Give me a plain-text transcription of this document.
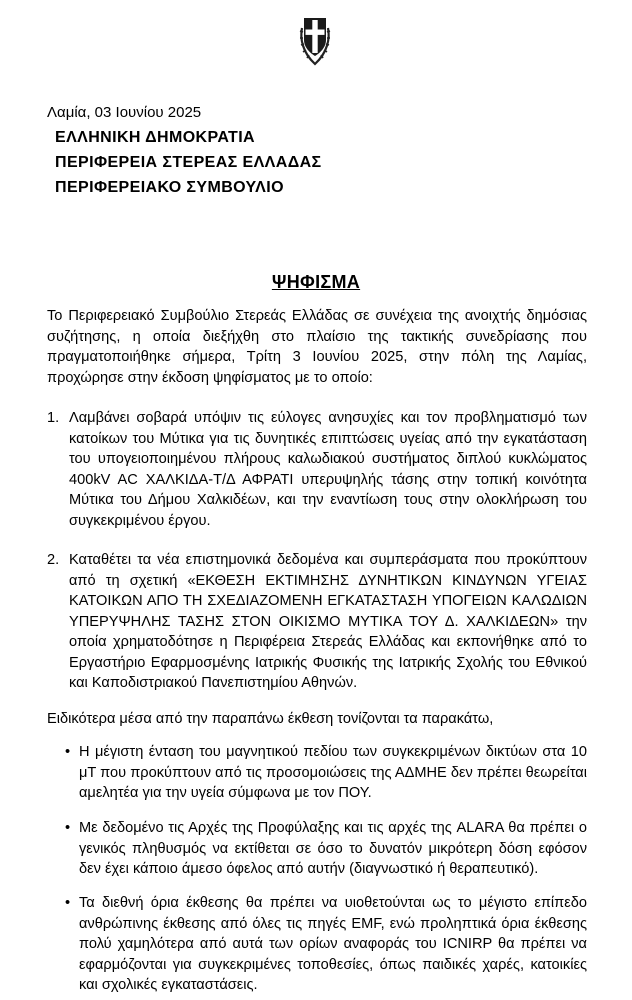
Λαμία, 03 Ιουνίου 2025
ΕΛΛΗΝΙΚΗ ΔΗΜΟΚΡΑΤΙΑ
ΠΕΡΙΦΕΡΕΙΑ ΣΤΕΡΕΑΣ ΕΛΛΑΔΑΣ
ΠΕΡΙΦΕΡΕΙΑΚΟ ΣΥΜΒΟΥΛΙΟ
ΨΗΦΙΣΜΑ
Το Περιφερειακό Συμβούλιο Στερεάς Ελλάδας σε συνέχεια της ανοιχτής δημόσιας συζήτησης, η οποία διεξήχθη στο πλαίσιο της τακτικής συνεδρίασης που πραγματοποιήθηκε σήμερα, Τρίτη 3 Ιουνίου 2025, στην πόλη της Λαμίας, προχώρησε στην έκδοση ψηφίσματος με το οποίο:
1. Λαμβάνει σοβαρά υπόψιν τις εύλογες ανησυχίες και τον προβληματισμό των κατοίκων του Μύτικα για τις δυνητικές επιπτώσεις υγείας από την εγκατάσταση του υπογειοποιημένου πλήρους καλωδιακού συστήματος διπλού κυκλώματος 400kV AC ΧΑΛΚΙΔΑ-Τ/Δ ΑΦΡΑΤΙ υπερυψηλής τάσης στην τοπική κοινότητα Μύτικα του Δήμου Χαλκιδέων, και την εναντίωση τους στην ολοκλήρωση του συγκεκριμένου έργου.
2. Καταθέτει τα νέα επιστημονικά δεδομένα και συμπεράσματα που προκύπτουν από τη σχετική «ΕΚΘΕΣΗ ΕΚΤΙΜΗΣΗΣ ΔΥΝΗΤΙΚΩΝ ΚΙΝΔΥΝΩΝ ΥΓΕΙΑΣ ΚΑΤΟΙΚΩΝ ΑΠΟ ΤΗ ΣΧΕΔΙΑΖΟΜΕΝΗ ΕΓΚΑΤΑΣΤΑΣΗ ΥΠΟΓΕΙΩΝ ΚΑΛΩΔΙΩΝ ΥΠΕΡΥΨΗΛΗΣ ΤΑΣΗΣ ΣΤΟΝ ΟΙΚΙΣΜΟ ΜΥΤΙΚΑ ΤΟΥ Δ. ΧΑΛΚΙΔΕΩΝ» την οποία χρηματοδότησε η Περιφέρεια Στερεάς Ελλάδας και εκπονήθηκε από το Εργαστήριο Εφαρμοσμένης Ιατρικής Φυσικής της Ιατρικής Σχολής του Εθνικού και Καποδιστριακού Πανεπιστημίου Αθηνών.
Ειδικότερα μέσα από την παραπάνω έκθεση τονίζονται τα παρακάτω,
• Η μέγιστη ένταση του μαγνητικού πεδίου των συγκεκριμένων δικτύων στα 10 μT που προκύπτουν από τις προσομοιώσεις της ΑΔΜΗΕ δεν πρέπει θεωρείται αμελητέα για την υγεία σύμφωνα με τον ΠΟΥ.
• Με δεδομένο τις Αρχές της Προφύλαξης και τις αρχές της ALARA θα πρέπει ο γενικός πληθυσμός να εκτίθεται σε όσο το δυνατόν μικρότερη δόση εφόσον δεν έχει κάποιο άμεσο όφελος από αυτήν (διαγνωστικό ή θεραπευτικό).
• Τα διεθνή όρια έκθεσης θα πρέπει να υιοθετούνται ως το μέγιστο επίπεδο ανθρώπινης έκθεσης από όλες τις πηγές EMF, ενώ προληπτικά όρια έκθεσης πολύ χαμηλότερα από αυτά των ορίων αναφοράς του ICNIRP θα πρέπει να εφαρμόζονται για συγκεκριμένες τοποθεσίες, όπως παιδικές χαρές, κατοικίες και σχολικές εγκαταστάσεις.
